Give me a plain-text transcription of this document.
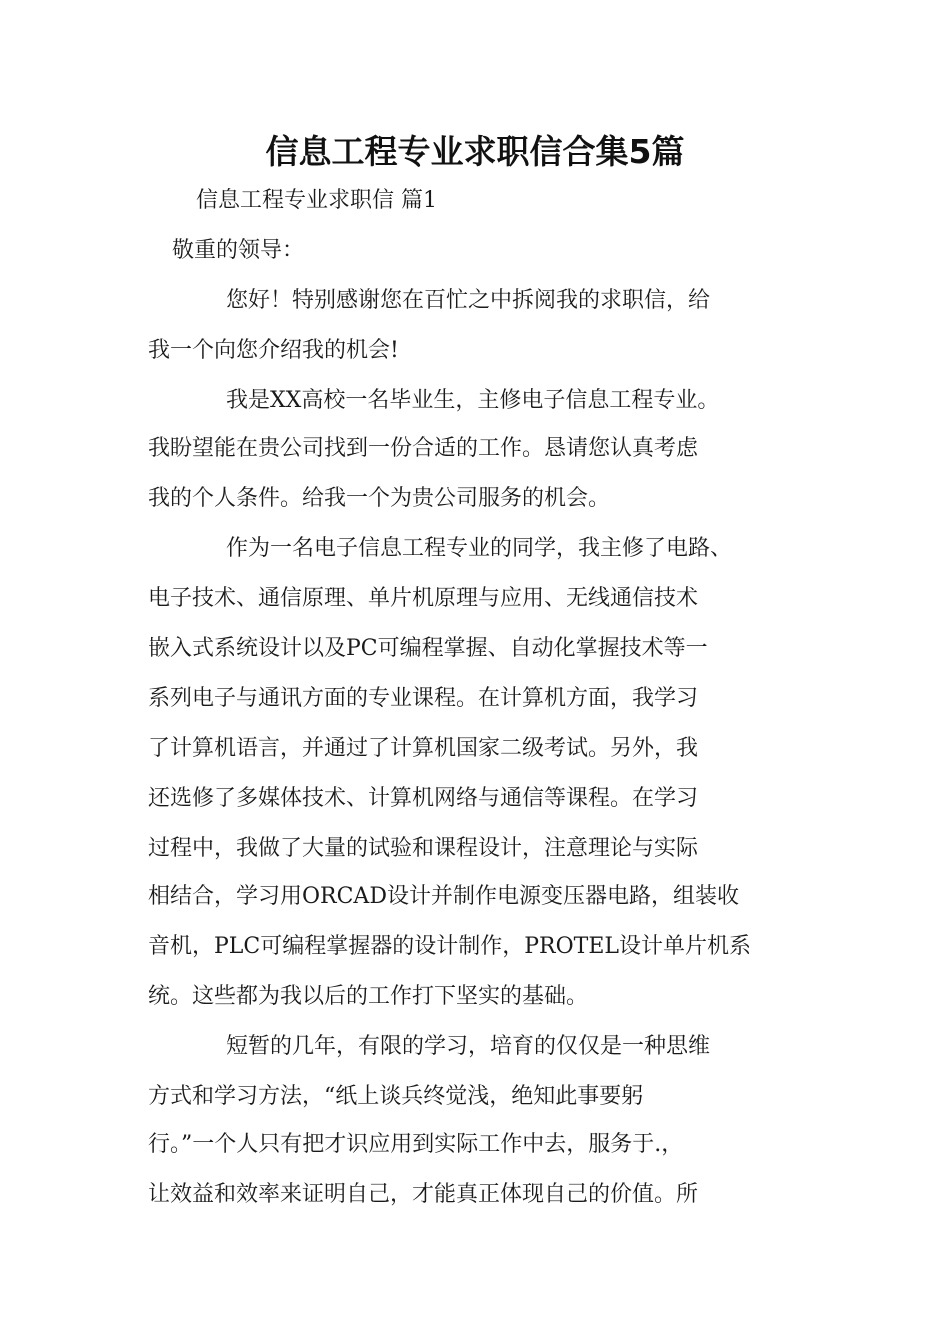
信息工程专业求职信合集5篇

信息工程专业求职信 篇1

敬重的领导：

您好！特别感谢您在百忙之中拆阅我的求职信，给

我一个向您介绍我的机会!

我是XX高校一名毕业生，主修电子信息工程专业。

我盼望能在贵公司找到一份合适的工作。恳请您认真考虑

我的个人条件。给我一个为贵公司服务的机会。

作为一名电子信息工程专业的同学，我主修了电路、

电子技术、通信原理、单片机原理与应用、无线通信技术

嵌入式系统设计以及PC可编程掌握、自动化掌握技术等一

系列电子与通讯方面的专业课程。在计算机方面，我学习

了计算机语言，并通过了计算机国家二级考试。另外，我

还选修了多媒体技术、计算机网络与通信等课程。在学习

过程中，我做了大量的试验和课程设计，注意理论与实际

相结合，学习用ORCAD设计并制作电源变压器电路，组装收

音机，PLC可编程掌握器的设计制作，PROTEL设计单片机系

统。这些都为我以后的工作打下坚实的基础。

短暂的几年，有限的学习，培育的仅仅是一种思维

方式和学习方法，“纸上谈兵终觉浅，绝知此事要躬

行。”一个人只有把才识应用到实际工作中去，服务于.，

让效益和效率来证明自己，才能真正体现自己的价值。所
